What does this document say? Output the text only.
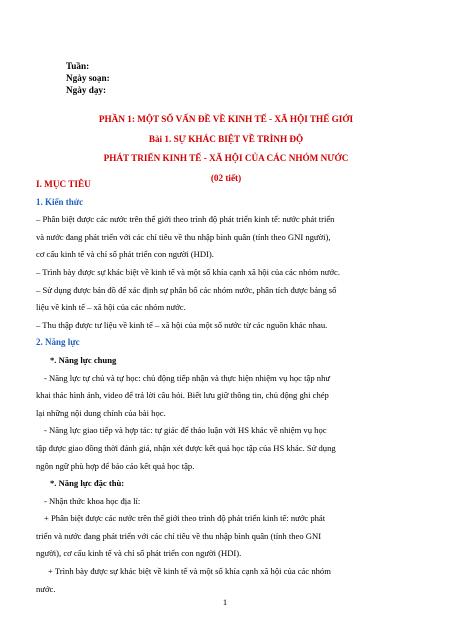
Tuần:
Ngày soạn:
Ngày dạy:
PHẦN 1: MỘT SỐ VẤN ĐỀ VỀ KINH TẾ - XÃ HỘI THẾ GIỚI
Bài 1. SỰ KHÁC BIỆT VỀ TRÌNH ĐỘ
PHÁT TRIỂN KINH TẾ - XÃ HỘI CỦA CÁC NHÓM NƯỚC
(02 tiết)
I. MỤC TIÊU
1. Kiến thức
– Phân biệt được các nước trên thế giới theo trình độ phát triển kinh tế: nước phát triển
và nước đang phát triển với các chỉ tiêu về thu nhập bình quân (tính theo GNI người),
cơ cấu kinh tế và chỉ số phát triển con người (HDI).
– Trình bày được sự khác biệt về kinh tế và một số khía cạnh xã hội của các nhóm nước.
– Sử dụng được bản đồ để xác định sự phân bố các nhóm nước, phân tích được bảng số
liệu về kinh tế – xã hội của các nhóm nước.
– Thu thập được tư liệu về kinh tế – xã hội của một số nước từ các nguồn khác nhau.
2. Năng lực
*. Năng lực chung
- Năng lực tự chủ và tự học: chủ động tiếp nhận và thực hiện nhiệm vụ học tập như
khai thác hình ảnh, video để trả lời câu hỏi. Biết lưu giữ thông tin, chủ động ghi chép
lại những nội dung chính của bài học.
- Năng lực giao tiếp và hợp tác: tự giác để thảo luận với HS khác về nhiệm vụ học
tập được giao đồng thời đánh giá, nhận xét được kết quả học tập của HS khác. Sử dụng
ngôn ngữ phù hợp để báo cáo kết quả học tập.
*. Năng lực đặc thù:
- Nhận thức khoa học địa lí:
+ Phân biệt được các nước trên thế giới theo trình độ phát triển kinh tế: nước phát
triển và nước đang phát triển với các chỉ tiêu về thu nhập bình quân (tính theo GNI
người), cơ cấu kinh tế và chỉ số phát triển con người (HDI).
+ Trình bày được sự khác biệt về kinh tế và một số khía cạnh xã hội của các nhóm
nước.
1
